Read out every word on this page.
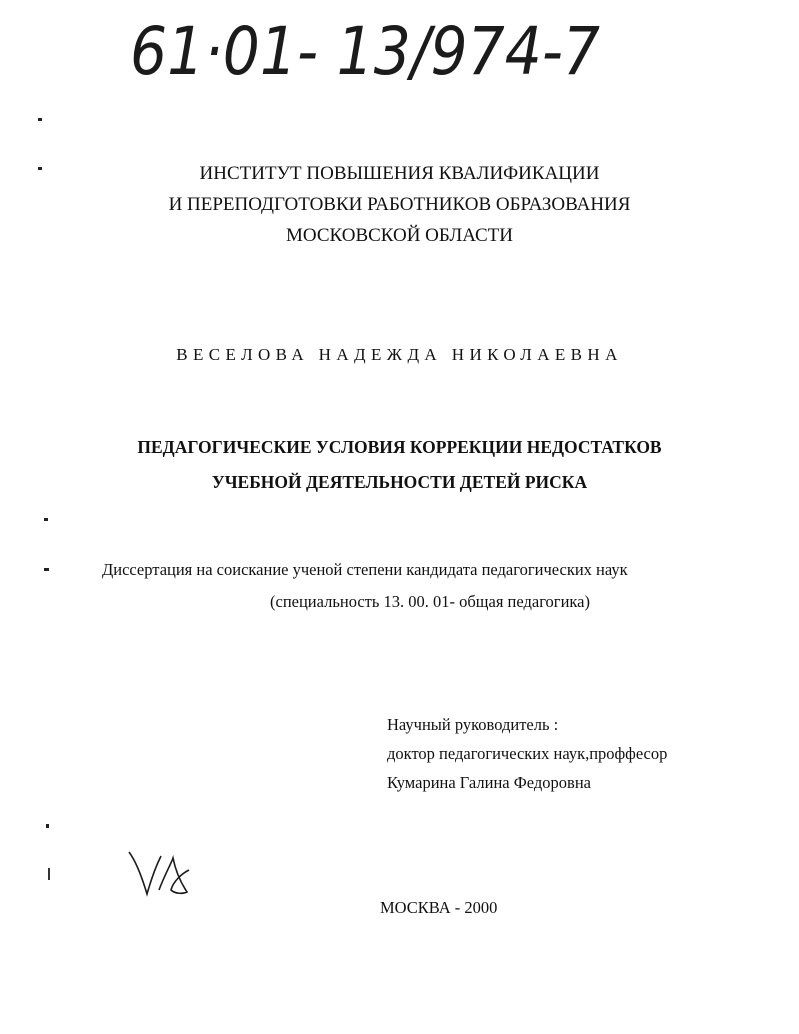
61·01- 13/974-7
ИНСТИТУТ ПОВЫШЕНИЯ КВАЛИФИКАЦИИ
И ПЕРЕПОДГОТОВКИ РАБОТНИКОВ ОБРАЗОВАНИЯ
МОСКОВСКОЙ ОБЛАСТИ
ВЕСЕЛОВА НАДЕЖДА НИКОЛАЕВНА
ПЕДАГОГИЧЕСКИЕ УСЛОВИЯ КОРРЕКЦИИ НЕДОСТАТКОВ
УЧЕБНОЙ ДЕЯТЕЛЬНОСТИ ДЕТЕЙ РИСКА
Диссертация на соискание ученой степени кандидата педагогических наук
(специальность 13. 00. 01- общая педагогика)
Научный руководитель :
доктор педагогических наук,проффесор
Кумарина Галина Федоровна
МОСКВА - 2000
